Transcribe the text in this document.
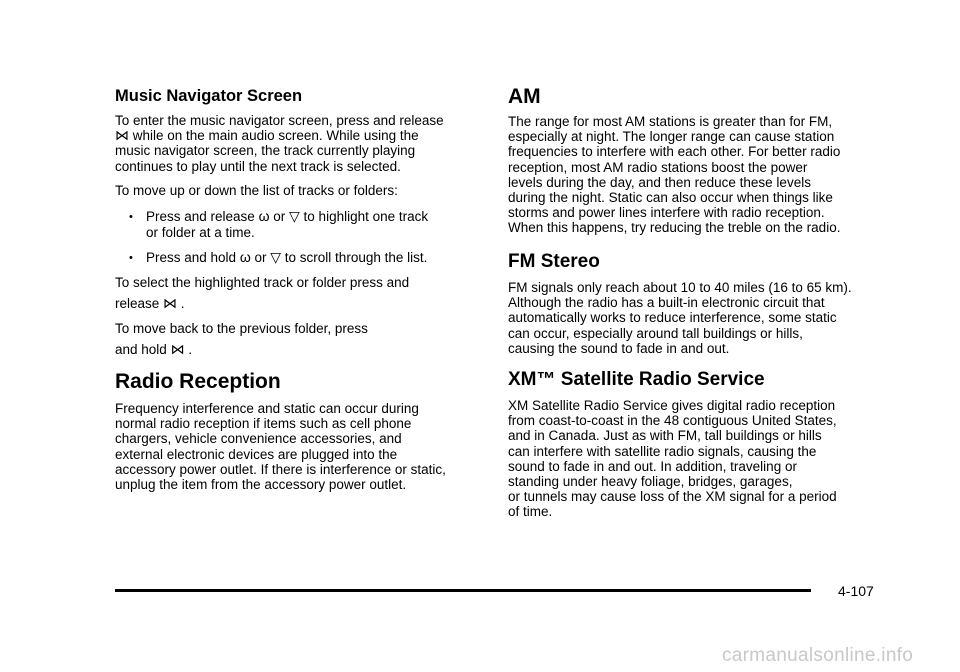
Music Navigator Screen

To enter the music navigator screen, press and release

⋈ while on the main audio screen. While using the

music navigator screen, the track currently playing

continues to play until the next track is selected.

To move up or down the list of tracks or folders:

• Press and release ω or ▽ to highlight one track
or folder at a time.
• Press and hold ω or ▽ to scroll through the list.

To select the highlighted track or folder press and

release ⋈ .

To move back to the previous folder, press

and hold ⋈ .

Radio Reception

Frequency interference and static can occur during

normal radio reception if items such as cell phone

chargers, vehicle convenience accessories, and

external electronic devices are plugged into the

accessory power outlet. If there is interference or static,

unplug the item from the accessory power outlet.

AM

The range for most AM stations is greater than for FM,

especially at night. The longer range can cause station

frequencies to interfere with each other. For better radio

reception, most AM radio stations boost the power

levels during the day, and then reduce these levels

during the night. Static can also occur when things like

storms and power lines interfere with radio reception.

When this happens, try reducing the treble on the radio.

FM Stereo

FM signals only reach about 10 to 40 miles (16 to 65 km).

Although the radio has a built-in electronic circuit that

automatically works to reduce interference, some static

can occur, especially around tall buildings or hills,

causing the sound to fade in and out.

XM™ Satellite Radio Service

XM Satellite Radio Service gives digital radio reception

from coast-to-coast in the 48 contiguous United States,

and in Canada. Just as with FM, tall buildings or hills

can interfere with satellite radio signals, causing the

sound to fade in and out. In addition, traveling or

standing under heavy foliage, bridges, garages,

or tunnels may cause loss of the XM signal for a period

of time.

4-107
carmanualsonline.info
